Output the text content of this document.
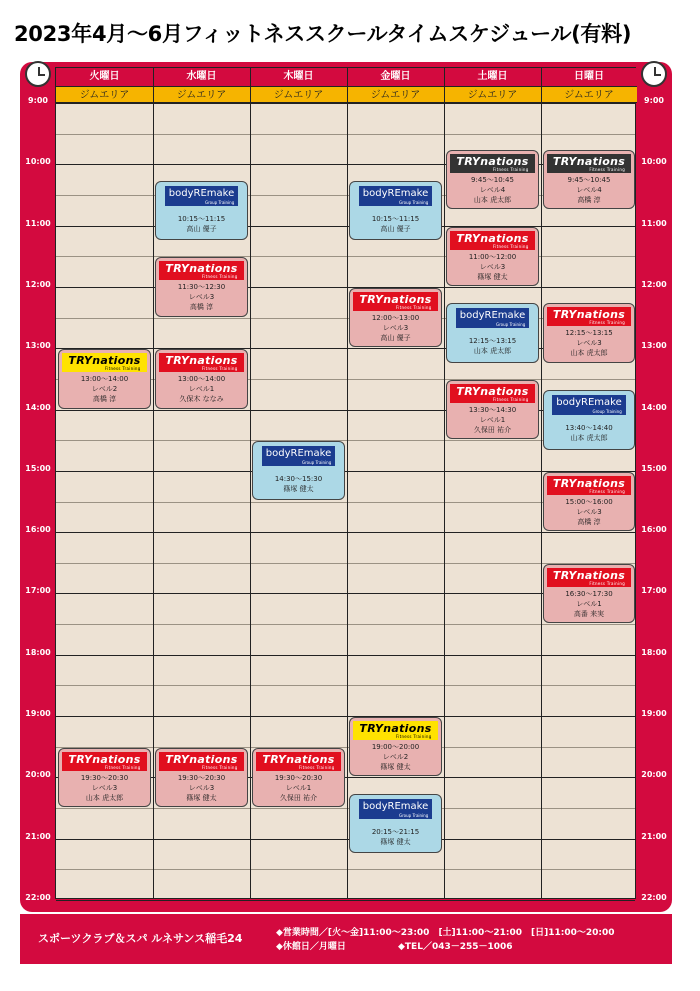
2023年4月～6月フィットネススクールタイムスケジュール(有料)
9:00
10:00
11:00
12:00
13:00
14:00
15:00
16:00
17:00
18:00
19:00
20:00
21:00
22:00
9:00
10:00
11:00
12:00
13:00
14:00
15:00
16:00
17:00
18:00
19:00
20:00
21:00
22:00
火曜日
ジムエリア
水曜日
ジムエリア
木曜日
ジムエリア
金曜日
ジムエリア
土曜日
ジムエリア
日曜日
ジムエリア
bodyREmake
Group Training
10:15～11:15
高山 優子
bodyREmake
Group Training
10:15～11:15
高山 優子
TRYnations
Fitness Training
9:45～10:45
レベル4
山本 虎太郎
TRYnations
Fitness Training
9:45～10:45
レベル4
高橋 淳
TRYnations
Fitness Training
11:00～12:00
レベル3
篠塚 健太
TRYnations
Fitness Training
11:30～12:30
レベル3
高橋 淳
TRYnations
Fitness Training
12:00～13:00
レベル3
高山 優子
bodyREmake
Group Training
12:15～13:15
山本 虎太郎
TRYnations
Fitness Training
12:15～13:15
レベル3
山本 虎太郎
TRYnations
Fitness Training
13:00～14:00
レベル2
高橋 淳
TRYnations
Fitness Training
13:00～14:00
レベル1
久保木 ななみ
TRYnations
Fitness Training
13:30～14:30
レベル1
久保田 祐介
bodyREmake
Group Training
13:40～14:40
山本 虎太郎
bodyREmake
Group Training
14:30～15:30
篠塚 健太	TRYnations
Fitness Training
15:00～16:00
レベル3
高橋 淳
TRYnations
Fitness Training
16:30～17:30
レベル1
高番 来実
TRYnations
Fitness Training
19:00～20:00
レベル2
篠塚 健太
TRYnations
Fitness Training
19:30～20:30
レベル3
山本 虎太郎
TRYnations
Fitness Training
19:30～20:30
レベル3
篠塚 健太
TRYnations
Fitness Training
19:30～20:30
レベル1
久保田 祐介
bodyREmake
Group Training
20:15～21:15
篠塚 健太
スポーツクラブ＆スパ ルネサンス稲毛24	◆営業時間／[火～金]11:00～23:00　[土]11:00～21:00　[日]11:00～20:00
◆休館日／月曜日	◆TEL／043－255－1006
